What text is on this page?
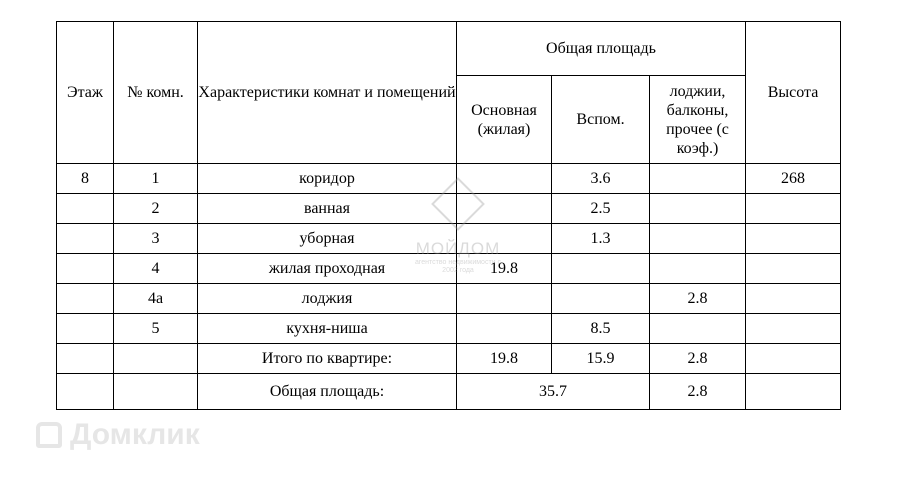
Этаж	№ комн.	Характеристики комнат и помещений	Общая площадь			Высота
			Основная (жилая)	Вспом.	лоджии, балконы, прочее (с коэф.)	
8	1	коридор		3.6		268
	2	ванная		2.5		
	3	уборная		1.3		
	4	жилая проходная	19.8			
	4а	лоджия			2.8	
	5	кухня-ниша		8.5		
		Итого по квартире:	19.8	15.9	2.8	
		Общая площадь:	35.7		2.8	
МОЙДОМ
агентство недвижимости с 2002 года
Домклик
